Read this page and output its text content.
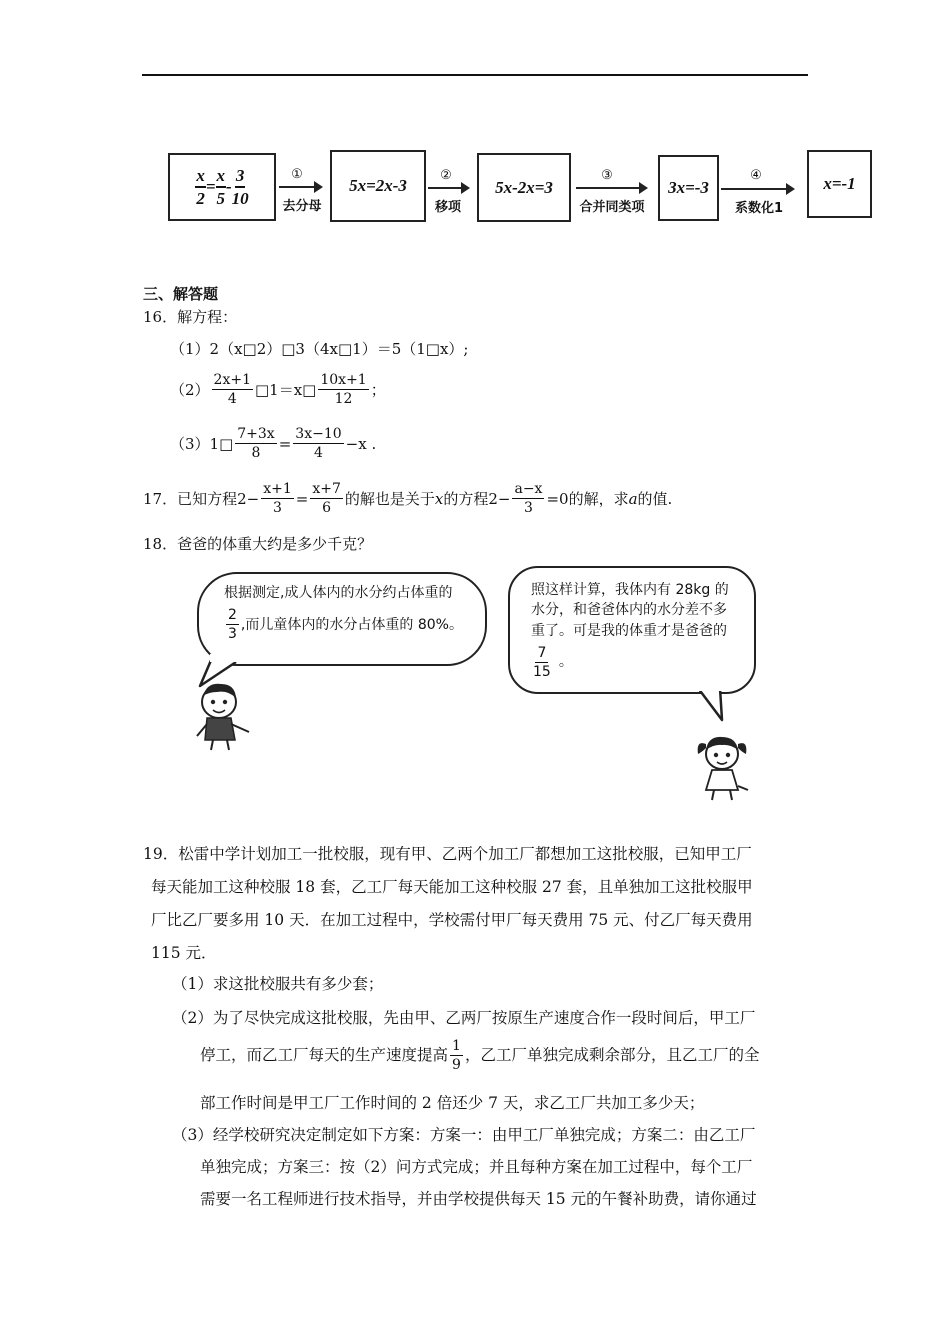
$\frac{x}{2} = \frac{x}{5} - \frac{3}{10}$	①
去分母
5x=2x-3
②
移项
5x-2x=3
③
合并同类项
3x=-3
④
系数化1
x=-1
三、解答题
16．解方程：
（1）2（x□2）□3（4x□1）＝5（1□x）;
$(2) \frac{2x+1}{4}$ □1＝x□ $\frac{10x+1}{12}$ ；
（3）1□ $\frac{7+3x}{8} = \frac{3x-10}{4} -x$ .
17．已知方程$2- \frac{x+1}{3} = \frac{x+7}{6}$ 的解也是关于 x 的方程$2- \frac{a-x}{3} =0$的解，求 a 的值.
18．爸爸的体重大约是多少千克？
根据测定,成人体内的水分约占体重的
$\frac{2}{3}$ ,而儿童体内的水分占体重的 80%。
照这样计算，我体内有 28kg 的
水分，和爸爸体内的水分差不多
重了。可是我的体重才是爸爸的
$\frac{7}{15}$ 。
19．松雷中学计划加工一批校服，现有甲、乙两个加工厂都想加工这批校服，已知甲工厂
每天能加工这种校服 18 套，乙工厂每天能加工这种校服 27 套，且单独加工这批校服甲
厂比乙厂要多用 10 天．在加工过程中，学校需付甲厂每天费用 75 元、付乙厂每天费用
115 元．
（1）求这批校服共有多少套；
（2）为了尽快完成这批校服，先由甲、乙两厂按原生产速度合作一段时间后，甲工厂
停工，而乙工厂每天的生产速度提高 $\frac{1}{9}$ ，乙工厂单独完成剩余部分，且乙工厂的全
部工作时间是甲工厂工作时间的 2 倍还少 7 天，求乙工厂共加工多少天；
（3）经学校研究决定制定如下方案：方案一：由甲工厂单独完成；方案二：由乙工厂
单独完成；方案三：按（2）问方式完成；并且每种方案在加工过程中，每个工厂
需要一名工程师进行技术指导，并由学校提供每天 15 元的午餐补助费，请你通过
